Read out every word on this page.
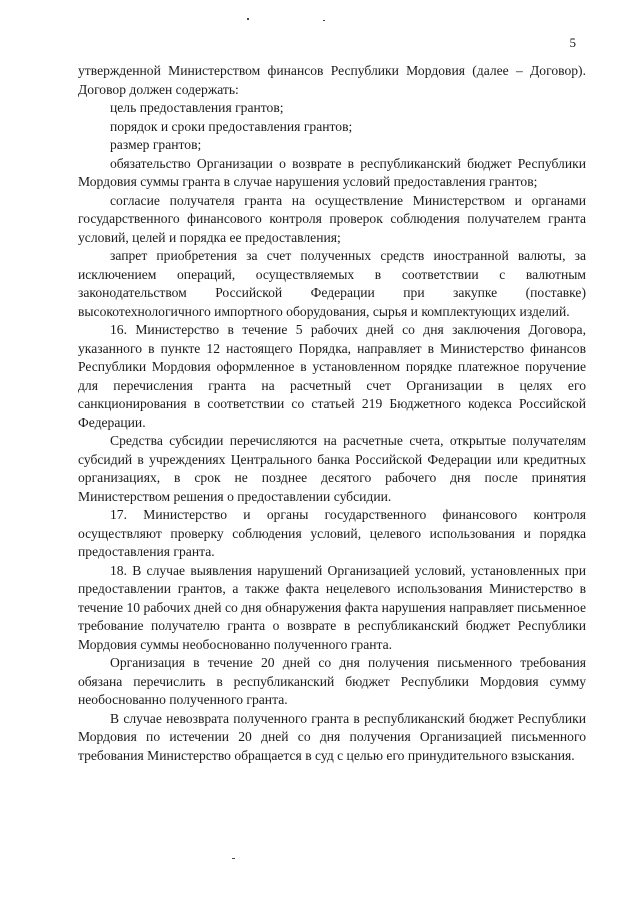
5

утвержденной Министерством финансов Республики Мордовия (далее – Договор). Договор должен содержать:

цель предоставления грантов;

порядок и сроки предоставления грантов;

размер грантов;

обязательство Организации о возврате в республиканский бюджет Республики Мордовия суммы гранта в случае нарушения условий предоставления грантов;

согласие получателя гранта на осуществление Министерством и органами государственного финансового контроля проверок соблюдения получателем гранта условий, целей и порядка ее предоставления;

запрет приобретения за счет полученных средств иностранной валюты, за исключением операций, осуществляемых в соответствии с валютным законодательством Российской Федерации при закупке (поставке) высокотехнологичного импортного оборудования, сырья и комплектующих изделий.

16. Министерство в течение 5 рабочих дней со дня заключения Договора, указанного в пункте 12 настоящего Порядка, направляет в Министерство финансов Республики Мордовия оформленное в установленном порядке платежное поручение для перечисления гранта на расчетный счет Организации в целях его санкционирования в соответствии со статьей 219 Бюджетного кодекса Российской Федерации.

Средства субсидии перечисляются на расчетные счета, открытые получателям субсидий в учреждениях Центрального банка Российской Федерации или кредитных организациях, в срок не позднее десятого рабочего дня после принятия Министерством решения о предоставлении субсидии.

17. Министерство и органы государственного финансового контроля осуществляют проверку соблюдения условий, целевого использования и порядка предоставления гранта.

18. В случае выявления нарушений Организацией условий, установленных при предоставлении грантов, а также факта нецелевого использования Министерство в течение 10 рабочих дней со дня обнаружения факта нарушения направляет письменное требование получателю гранта о возврате в республиканский бюджет Республики Мордовия суммы необоснованно полученного гранта.

Организация в течение 20 дней со дня получения письменного требования обязана перечислить в республиканский бюджет Республики Мордовия сумму необоснованно полученного гранта.

В случае невозврата полученного гранта в республиканский бюджет Республики Мордовия по истечении 20 дней со дня получения Организацией письменного требования Министерство обращается в суд с целью его принудительного взыскания.
